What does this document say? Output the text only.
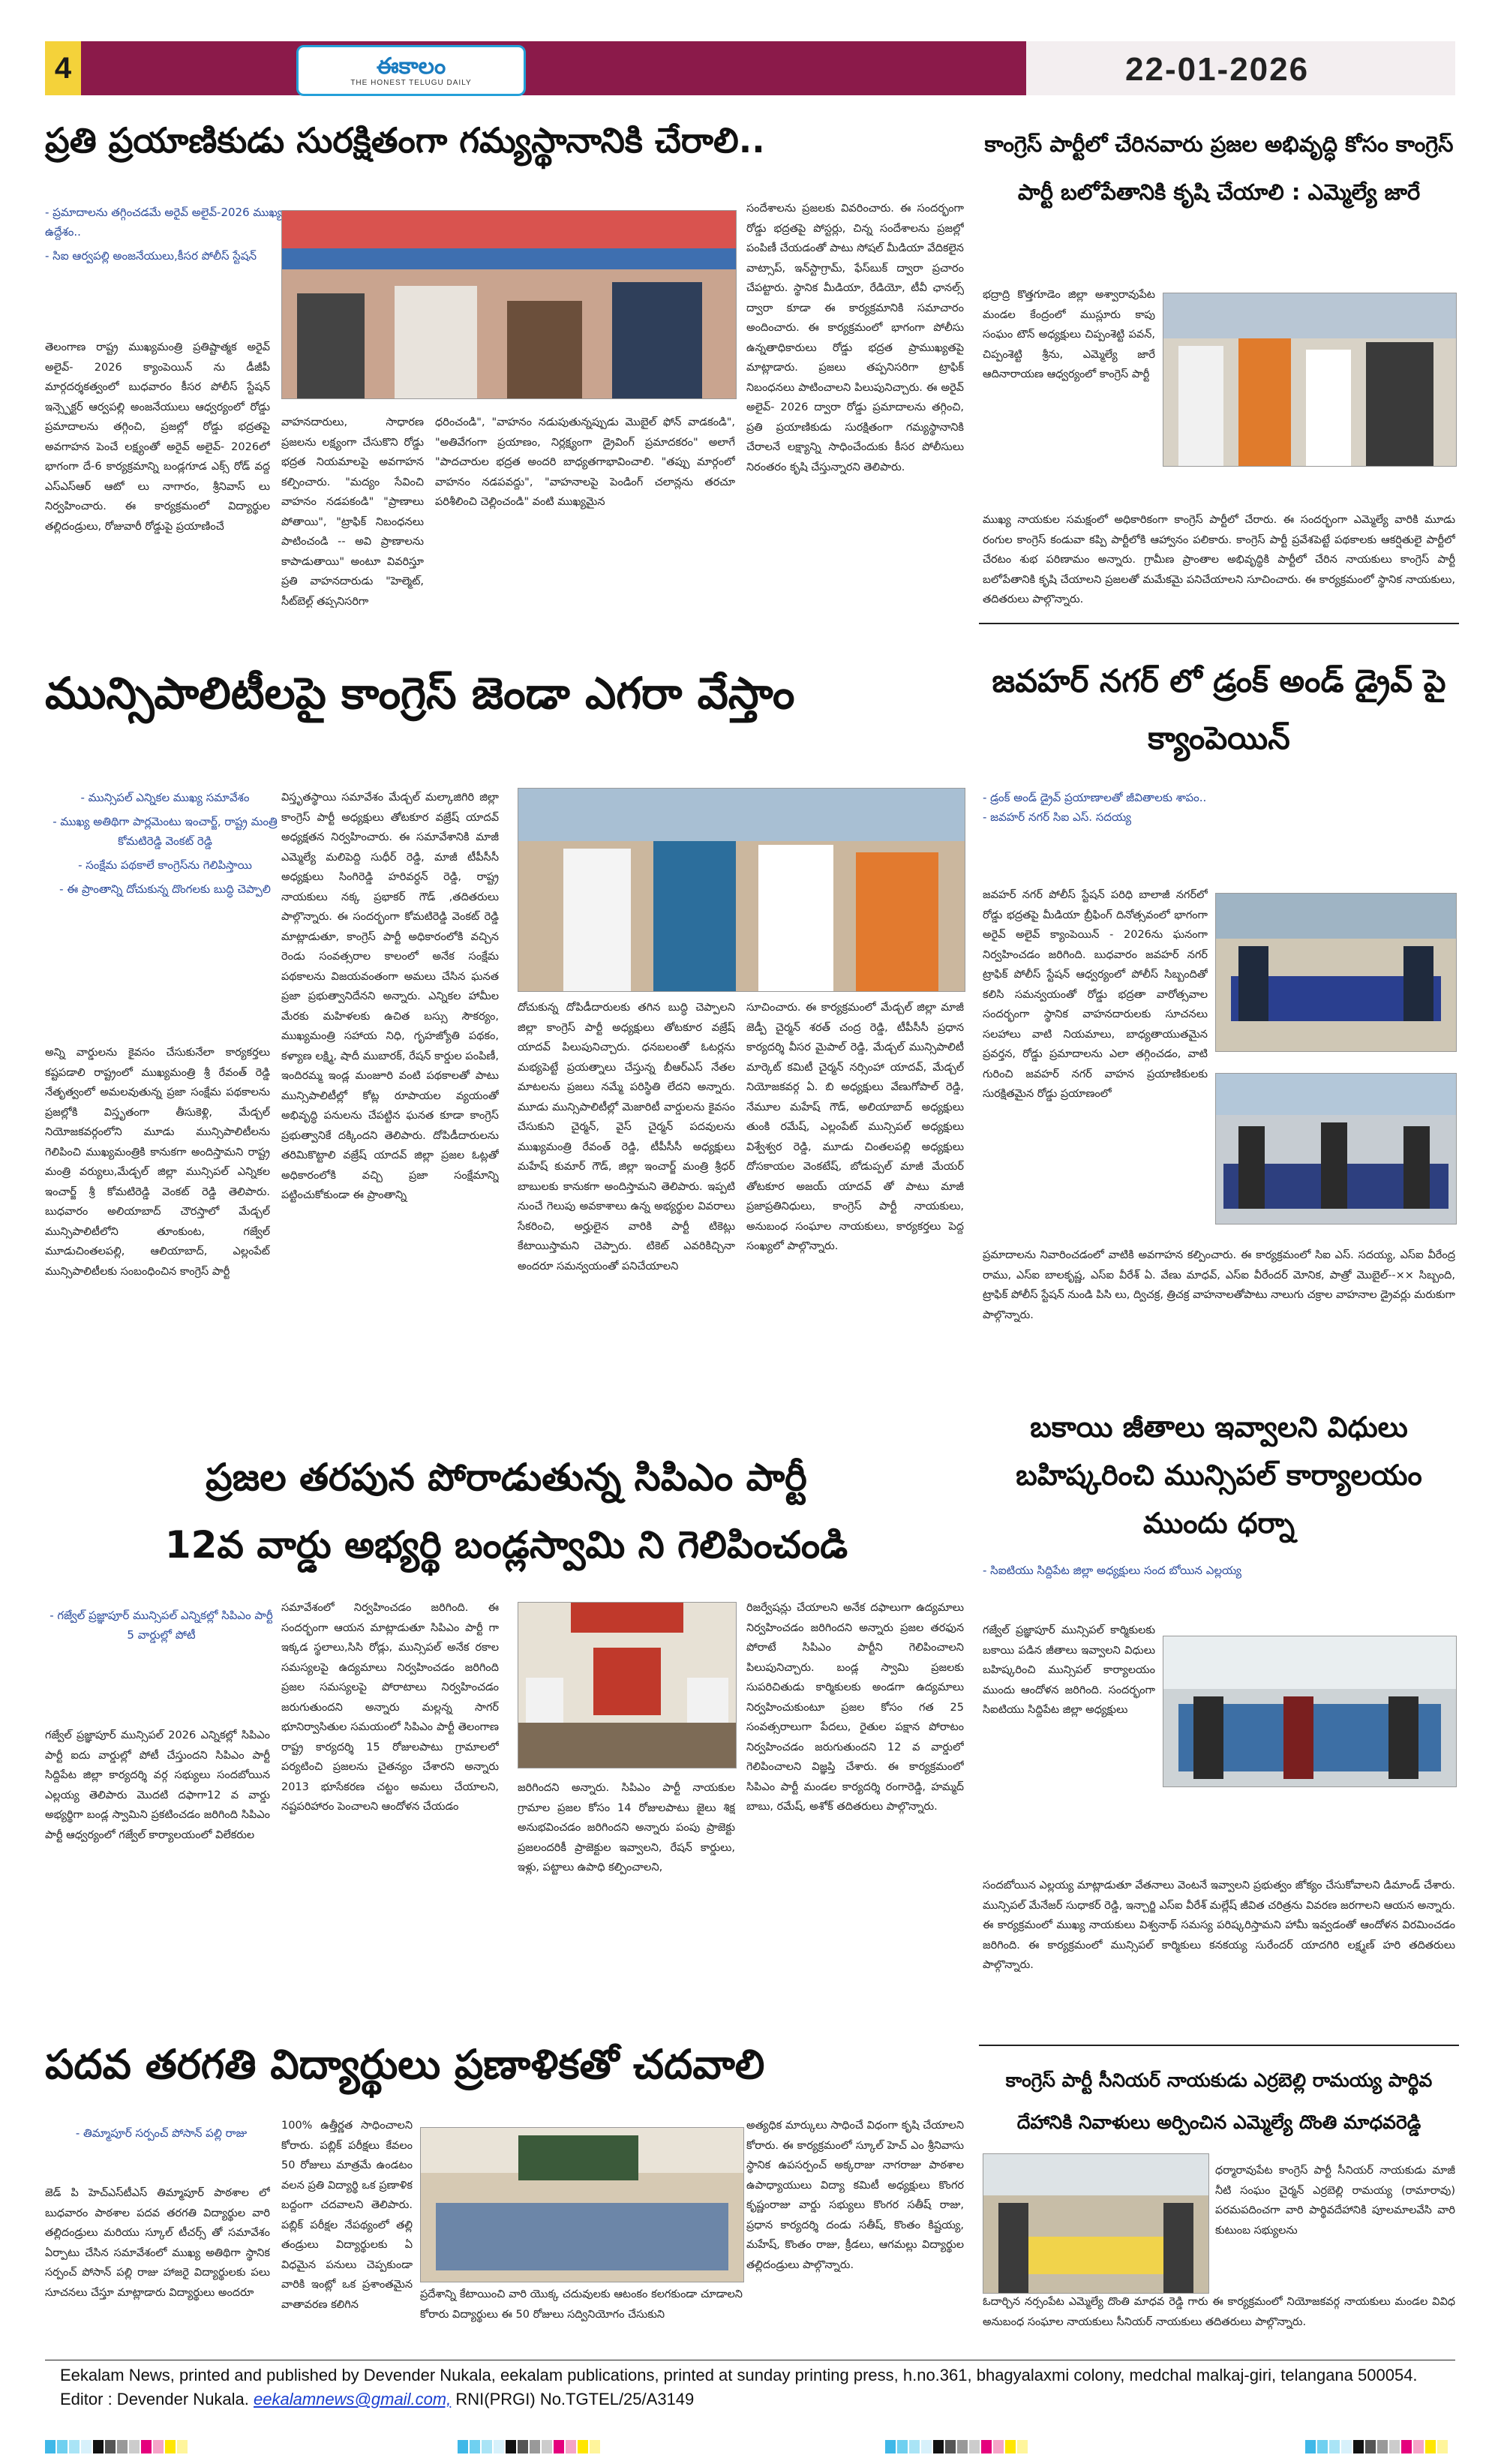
4	ఈకాలం
THE HONEST TELUGU DAILY	22-01-2026
ప్రతి ప్రయాణికుడు సురక్షితంగా గమ్యస్థానానికి చేరాలి..
- ప్రమాదాలను తగ్గించడమే అరైవ్ అలైవ్-2026 ముఖ్య ఉద్దేశం..
- సిఐ ఆర్వపల్లి అంజనేయులు,కీసర పోలీస్ స్టేషన్
తెలంగాణ రాష్ట్ర ముఖ్యమంత్రి ప్రతిష్టాత్మక అరైవ్ అలైవ్- 2026 క్యాంపెయిన్ ను డీజీపీ మార్గదర్శకత్వంలో బుధవారం కీసర పోలీస్ స్టేషన్ ఇన్స్పెక్టర్ ఆర్వపల్లి అంజనేయులు ఆధ్వర్యంలో రోడ్డు ప్రమాదాలను తగ్గించి, ప్రజల్లో రోడ్డు భద్రతపై అవగాహన పెంచే లక్ష్యంతో అరైవ్ అలైవ్- 2026లో భాగంగా దే-6 కార్యక్రమాన్ని బండ్లగూడ ఎక్స్ రోడ్ వద్ద ఎస్ఎస్ఆర్ ఆటో లు నాగారం, శ్రీనివాస్ లు నిర్వహించారు. ఈ కార్యక్రమంలో విద్యార్థుల తల్లిదండ్రులు, రోజువారీ రోడ్డుపై ప్రయాణించే
వాహనదారులు, సాధారణ ప్రజలను లక్ష్యంగా చేసుకొని రోడ్డు భద్రత నియమాలపై అవగాహన కల్పించారు. "మద్యం సేవించి వాహనం నడపకండి" "ప్రాణాలు పోతాయి", "ట్రాఫిక్ నిబంధనలు పాటించండి -- అవి ప్రాణాలను కాపాడుతాయి" అంటూ వివరిస్తూ ప్రతి వాహనదారుడు "హెల్మెట్, సీట్‌బెల్ట్ తప్పనిసరిగా
ధరించండి", "వాహనం నడుపుతున్నప్పుడు మొబైల్ ఫోన్ వాడకండి", "అతివేగంగా ప్రయాణం, నిర్లక్ష్యంగా డ్రైవింగ్ ప్రమాదకరం" అలాగే "పాదచారుల భద్రత అందరి బాధ్యతగాభావించాలి. "తప్పు మార్గంలో వాహనం నడపవద్దు", "వాహనాలపై పెండింగ్ చలాన్లను తరచూ పరిశీలించి చెల్లించండి" వంటి ముఖ్యమైన
సందేశాలను ప్రజలకు వివరించారు. ఈ సందర్భంగా రోడ్డు భద్రతపై పోస్టర్లు, చిన్న సందేశాలను ప్రజల్లో పంపిణీ చేయడంతో పాటు సోషల్ మీడియా వేదికలైన వాట్సాప్, ఇన్‌స్టాగ్రామ్, ఫేస్‌బుక్ ద్వారా ప్రచారం చేపట్టారు. స్థానిక మీడియా, రేడియో, టీవీ ఛానల్స్ ద్వారా కూడా ఈ కార్యక్రమానికి సమాచారం అందించారు. ఈ కార్యక్రమంలో భాగంగా పోలీసు ఉన్నతాధికారులు రోడ్డు భద్రత ప్రాముఖ్యతపై మాట్లాడారు. ప్రజలు తప్పనిసరిగా ట్రాఫిక్ నిబంధనలు పాటించాలని పిలుపునిచ్చారు. ఈ అరైవ్ అలైవ్- 2026 ద్వారా రోడ్డు ప్రమాదాలను తగ్గించి, ప్రతి ప్రయాణికుడు సురక్షితంగా గమ్యస్థానానికి చేరాలనే లక్ష్యాన్ని సాధించేందుకు కీసర పోలీసులు నిరంతరం కృషి చేస్తున్నారని తెలిపారు.
కాంగ్రెస్ పార్టీలో చేరినవారు ప్రజల అభివృద్ధి కోసం కాంగ్రెస్ పార్టీ బలోపేతానికి కృషి చేయాలి : ఎమ్మెల్యే జారే
భద్రాద్రి కొత్తగూడెం జిల్లా అశ్వారావుపేట మండల కేంద్రంలో ముస్లూరు కాపు సంఘం టౌన్ అధ్యక్షులు చిప్పంశెట్టి పవన్, చిప్పంశెట్టి శ్రీను, ఎమ్మెల్యే జారే ఆదినారాయణ ఆధ్వర్యంలో కాంగ్రెస్ పార్టీ
ముఖ్య నాయకుల సమక్షంలో అధికారికంగా కాంగ్రెస్ పార్టీలో చేరారు. ఈ సందర్భంగా ఎమ్మెల్యే వారికి మూడు రంగుల కాంగ్రెస్ కండువా కప్పి పార్టీలోకి ఆహ్వానం పలికారు. కాంగ్రెస్ పార్టీ ప్రవేశపెట్టే పథకాలకు ఆకర్షితులై పార్టీలో చేరటం శుభ పరిణామం అన్నారు. గ్రామీణ ప్రాంతాల అభివృద్ధికి పార్టీలో చేరిన నాయకులు కాంగ్రెస్ పార్టీ బలోపేతానికి కృషి చేయాలని ప్రజలతో మమేకమై పనిచేయాలని సూచించారు. ఈ కార్యక్రమంలో స్థానిక నాయకులు, తదితరులు పాల్గొన్నారు.
మున్సిపాలిటీలపై కాంగ్రెస్ జెండా ఎగరా వేస్తాం
- మున్సిపల్ ఎన్నికల ముఖ్య సమావేశం
- ముఖ్య అతిథిగా పార్లమెంటు ఇంచార్జ్, రాష్ట్ర మంత్రి కోమటిరెడ్డి వెంకట్ రెడ్డి
- సంక్షేమ పథకాలే కాంగ్రెస్‌ను గెలిపిస్తాయి
- ఈ ప్రాంతాన్ని దోచుకున్న దొంగలకు బుద్ధి చెప్పాలి
అన్ని వార్డులను కైవసం చేసుకునేలా కార్యకర్తలు కష్టపడాలి రాష్ట్రంలో ముఖ్యమంత్రి శ్రీ రేవంత్ రెడ్డి నేతృత్వంలో అమలవుతున్న ప్రజా సంక్షేమ పథకాలను ప్రజల్లోకి విస్తృతంగా తీసుకెళ్లి, మేడ్చల్ నియోజకవర్గంలోని మూడు మున్సిపాలిటీలను గెలిపించి ముఖ్యమంత్రికి కానుకగా అందిస్తామని రాష్ట్ర మంత్రి వర్యులు,మేడ్చల్ జిల్లా మున్సిపల్ ఎన్నికల ఇంచార్జ్ శ్రీ కోమటిరెడ్డి వెంకట్ రెడ్డి తెలిపారు. బుధవారం అలియాబాద్ చౌరస్తాలో మేడ్చల్ మున్సిపాలిటీలోని తూంకుంట, గజ్వేల్ మూడుచింతలపల్లి, ఆలియాబాద్, ఎల్లంపేట్ మున్సిపాలిటీలకు సంబంధించిన కాంగ్రెస్ పార్టీ
విస్తృతస్థాయి సమావేశం మేడ్చల్ మల్కాజిగిరి జిల్లా కాంగ్రెస్ పార్టీ అధ్యక్షులు తోటకూర వజ్రేష్ యాదవ్ అధ్యక్షతన నిర్వహించారు. ఈ సమావేశానికి మాజీ ఎమ్మెల్యే మలిపెద్ది సుధీర్ రెడ్డి, మాజీ టీపీసీసీ అధ్యక్షులు సింగిరెడ్డి హరివర్ధన్ రెడ్డి, రాష్ట్ర నాయకులు నక్క ప్రభాకర్ గౌడ్ ,తదితరులు పాల్గొన్నారు. ఈ సందర్భంగా కోమటిరెడ్డి వెంకట్ రెడ్డి మాట్లాడుతూ, కాంగ్రెస్ పార్టీ అధికారంలోకి వచ్చిన రెండు సంవత్సరాల కాలంలో అనేక సంక్షేమ పథకాలను విజయవంతంగా అమలు చేసిన ఘనత ప్రజా ప్రభుత్వానిదేనని అన్నారు. ఎన్నికల హామీల మేరకు మహిళలకు ఉచిత బస్సు సౌకర్యం, ముఖ్యమంత్రి సహాయ నిధి, గృహజ్యోతి పథకం, కళ్యాణ లక్ష్మి, షాదీ ముబారక్, రేషన్ కార్డుల పంపిణీ, ఇందిరమ్మ ఇండ్ల మంజూరి వంటి పథకాలతో పాటు మున్సిపాలిటీల్లో కోట్ల రూపాయల వ్యయంతో అభివృద్ధి పనులను చేపట్టిన ఘనత కూడా కాంగ్రెస్ ప్రభుత్వానికే దక్కిందని తెలిపారు. దోపిడీదారులను తరిమికొట్టాలి వజ్రేష్ యాదవ్ జిల్లా ప్రజల ఓట్లతో అధికారంలోకి వచ్చి ప్రజా సంక్షేమాన్ని పట్టించుకోకుండా ఈ ప్రాంతాన్ని
దోచుకున్న దోపిడీదారులకు తగిన బుద్ధి చెప్పాలని జిల్లా కాంగ్రెస్ పార్టీ అధ్యక్షులు తోటకూర వజ్రేష్ యాదవ్ పిలుపునిచ్చారు. ధనబలంతో ఓటర్లను మభ్యపెట్టే ప్రయత్నాలు చేస్తున్న బీఆర్ఎస్ నేతల మాటలను ప్రజలు నమ్మే పరిస్థితి లేదని అన్నారు. మూడు మున్సిపాలిటీల్లో మెజారిటీ వార్డులను కైవసం చేసుకుని చైర్మన్, వైస్ చైర్మన్ పదవులను ముఖ్యమంత్రి రేవంత్ రెడ్డి, టీపీసీసీ అధ్యక్షులు మహేష్ కుమార్ గౌడ్, జిల్లా ఇంచార్జ్ మంత్రి శ్రీధర్ బాబులకు కానుకగా అందిస్తామని తెలిపారు. ఇప్పటి నుంచే గెలుపు అవకాశాలు ఉన్న అభ్యర్థుల వివరాలు సేకరించి, అర్హులైన వారికి పార్టీ టికెట్లు కేటాయిస్తామని చెప్పారు. టికెట్ ఎవరికిచ్చినా అందరూ సమన్వయంతో పనిచేయాలని
సూచించారు. ఈ కార్యక్రమంలో మేడ్చల్ జిల్లా మాజీ జెడ్పీ చైర్మన్ శరత్ చంద్ర రెడ్డి, టీపీసీసీ ప్రధాన కార్యదర్శి వీసర మైపాల్ రెడ్డి, మేడ్చల్ మున్సిపాలిటీ మార్కెట్ కమిటీ చైర్మన్ నర్సింహా యాదవ్, మేడ్చల్ నియోజకవర్గ ఏ. బి అధ్యక్షులు వేణుగోపాల్ రెడ్డి, నేమూల మహేష్ గౌడ్, అలియాబాద్ అధ్యక్షులు తుంకి రమేష్, ఎల్లంపేట్ మున్సిపల్ అధ్యక్షులు విశ్వేశ్వర రెడ్డి, మూడు చింతలపల్లి అధ్యక్షులు దోసకాయల వెంకటేష్, బోడుప్పల్ మాజీ మేయర్ తోటకూర అజయ్ యాదవ్‌ తో పాటు మాజీ ప్రజాప్రతినిధులు, కాంగ్రెస్ పార్టీ నాయకులు, అనుబంధ సంఘాల నాయకులు, కార్యకర్తలు పెద్ద సంఖ్యలో పాల్గొన్నారు.
జవహర్ నగర్ లో డ్రంక్ అండ్ డ్రైవ్ పై క్యాంపెయిన్
- డ్రంక్ అండ్ డ్రైవ్ ప్రయాణాలతో జీవితాలకు శాపం..
- జవహర్ నగర్ సిఐ ఎస్. సదయ్య
జవహర్ నగర్ పోలీస్ స్టేషన్ పరిధి బాలాజీ నగర్‌లో రోడ్డు భద్రతపై మీడియా బ్రీఫింగ్ దినోత్సవంలో భాగంగా అరైవ్ అలైవ్ క్యాంపెయిన్ - 2026ను ఘనంగా నిర్వహించడం జరిగింది. బుధవారం జవహర్ నగర్ ట్రాఫిక్ పోలీస్ స్టేషన్ ఆధ్వర్యంలో పోలీస్ సిబ్బందితో కలిసి సమన్వయంతో రోడ్డు భద్రతా వారోత్సవాల సందర్భంగా స్థానిక వాహనదారులకు సూచనలు సలహాలు వాటి నియమాలు, బాధ్యతాయుతమైన ప్రవర్తన, రోడ్డు ప్రమాదాలను ఎలా తగ్గించడం, వాటి గురించి జవహర్ నగర్ వాహన ప్రయాణికులకు సురక్షితమైన రోడ్డు ప్రయాణంలో
ప్రమాదాలను నివారించడంలో వాటికి అవగాహన కల్పించారు. ఈ కార్యక్రమంలో సిఐ ఎస్. సదయ్య, ఎస్ఐ వీరేంద్ర రాము, ఎస్ఐ బాలకృష్ణ, ఎస్‌ఐ వీరేశ్ ఏ. వేణు మాధవ్, ఎస్ఐ వీరేందర్ మోనిక, పాత్రో మొబైల్--×× సిబ్బంది, ట్రాఫిక్ పోలీస్ స్టేషన్ నుండి పిసి లు, ద్విచక్ర, త్రిచక్ర వాహనాలతోపాటు నాలుగు చక్రాల వాహనాల డ్రైవర్లు మరుకుగా పాల్గొన్నారు.
బకాయి జీతాలు ఇవ్వాలని విధులు బహిష్కరించి మున్సిపల్ కార్యాలయం ముందు ధర్నా
- సిఐటియు సిద్దిపేట జిల్లా అధ్యక్షులు సంద బోయిన ఎల్లయ్య
గజ్వేల్ ప్రజ్ఞాపూర్ మున్సిపల్ కార్మికులకు బకాయి పడిన జీతాలు ఇవ్వాలని విధులు బహిష్కరించి మున్సిపల్ కార్యాలయం ముందు ఆందోళన జరిగింది. సందర్భంగా సిఐటియు సిద్దిపేట జిల్లా అధ్యక్షులు
సందబోయిన ఎల్లయ్య మాట్లాడుతూ వేతనాలు వెంటనే ఇవ్వాలని ప్రభుత్వం జోక్యం చేసుకోవాలని డిమాండ్ చేశారు. మున్సిపల్ మేనేజర్ సుధాకర్ రెడ్డి, ఇన్చార్జి ఎస్ఐ వీరేశ్ మల్లేష్ జీవిత చరిత్రను వివరణ జరగాలని ఆయన అన్నారు. ఈ కార్యక్రమంలో ముఖ్య నాయకులు విశ్వనాథ్ సమస్య పరిష్కరిస్తామని హామీ ఇవ్వడంతో ఆందోళన విరమించడం జరిగింది. ఈ కార్యక్రమంలో మున్సిపల్ కార్మికులు కనకయ్య సురేందర్ యాదగిరి లక్ష్మణ్ హరి తదితరులు పాల్గొన్నారు.
ప్రజల తరపున పోరాడుతున్న సిపిఎం పార్టీ
12వ వార్డు అభ్యర్థి బండ్లస్వామి ని గెలిపించండి
- గజ్వేల్ ప్రజ్ఞాపూర్ మున్సిపల్ ఎన్నికల్లో సిపిఎం పార్టీ 5 వార్డుల్లో పోటీ
గజ్వేల్ ప్రజ్ఞాపూర్ మున్సిపల్ 2026 ఎన్నికల్లో సిపిఎం పార్టీ ఐదు వార్డుల్లో పోటీ చేస్తుందని సిపిఎం పార్టీ సిద్దిపేట జిల్లా కార్యదర్శి వర్గ సభ్యులు సందబోయిన ఎల్లయ్య తెలిపారు మొదటి దఫాగా12 వ వార్డు అభ్యర్థిగా బండ్ల స్వామిని ప్రకటించడం జరిగింది సిపిఎం పార్టీ ఆధ్వర్యంలో గజ్వేల్ కార్యాలయంలో విలేకరుల
సమావేశంలో నిర్వహించడం జరిగింది. ఈ సందర్భంగా ఆయన మాట్లాడుతూ సిపిఎం పార్టీ గా ఇక్కడ స్థలాలు,సిసి రోడ్లు, మున్సిపల్ అనేక రకాల సమస్యలపై ఉద్యమాలు నిర్వహించడం జరిగింది ప్రజల సమస్యలపై పోరాటాలు నిర్వహించడం జరుగుతుందని అన్నారు మల్లన్న సాగర్ భూనిర్వాసితుల సమయంలో సిపిఎం పార్టీ తెలంగాణ రాష్ట్ర కార్యదర్శి 15 రోజులపాటు గ్రామాలలో పర్యటించి ప్రజలను చైతన్యం చేశారని అన్నారు 2013 భూసేకరణ చట్టం అమలు చేయాలని, నష్టపరిహారం పెంచాలని ఆందోళన చేయడం
జరిగిందని అన్నారు. సిపిఎం పార్టీ నాయకుల గ్రామాల ప్రజల కోసం 14 రోజులపాటు జైలు శిక్ష అనుభవించడం జరిగిందని అన్నారు పంపు ప్రాజెక్టు ప్రజలందరికీ ప్రాజెక్టుల ఇవ్వాలని, రేషన్ కార్డులు, ఇళ్లు, పట్టాలు ఉపాధి కల్పించాలని,
రిజర్వేషన్లు చేయాలని అనేక దఫాలుగా ఉద్యమాలు నిర్వహించడం జరిగిందని అన్నారు ప్రజల తరఫున పోరాటే సిపిఎం పార్టీని గెలిపించాలని పిలుపునిచ్చారు. బండ్ల స్వామి ప్రజలకు సుపరిచితుడు కార్మికులకు అండగా ఉద్యమాలు నిర్వహించుకుంటూ ప్రజల కోసం గత 25 సంవత్సరాలుగా పేదలు, రైతుల పక్షాన పోరాటం నిర్వహించడం జరుగుతుందని 12 వ వార్డులో గెలిపించాలని విజ్ఞప్తి చేశారు. ఈ కార్యక్రమంలో సిపిఎం పార్టీ మండల కార్యదర్శి రంగారెడ్డి, హమ్మద్ బాబు, రమేష్, అశోక్ తదితరులు పాల్గొన్నారు.
పదవ తరగతి విద్యార్థులు ప్రణాళికతో చదవాలి
- తిమ్మాపూర్ సర్పంచ్ పోసాన్ పల్లి రాజు
జెడ్ పి హెచ్ఎస్‌టీఎస్ తిమ్మాపూర్ పాఠశాల లో బుధవారం పాఠశాల పదవ తరగతి విద్యార్థుల వారి తల్లిదండ్రులు మరియు స్కూల్ టీచర్స్ తో సమావేశం ఏర్పాటు చేసిన సమావేశంలో ముఖ్య అతిథిగా స్థానిక సర్పంచ్ పోసాన్ పల్లి రాజు హాజరై విద్యార్థులకు పలు సూచనలు చేస్తూ మాట్లాడారు విద్యార్థులు అందరూ
100% ఉత్తీర్ణత సాధించాలని కోరారు. పబ్లిక్ పరీక్షలు కేవలం 50 రోజులు మాత్రమే ఉండటం వలన ప్రతి విద్యార్థి ఒక ప్రణాళిక బద్దంగా చదవాలని తెలిపారు. పబ్లిక్ పరీక్షల నేపథ్యంలో తల్లి తండ్రులు విద్యార్థులకు ఏ విధమైన పనులు చెప్పకుండా వారికి ఇంట్లో ఒక ప్రశాంతమైన వాతావరణ కలిగిన
ప్రదేశాన్ని కేటాయించి వారి యొక్క చదువులకు ఆటంకం కలగకుండా చూడాలని కోరారు విద్యార్థులు ఈ 50 రోజులు సద్వినియోగం చేసుకుని
అత్యధిక మార్కులు సాధించే విధంగా కృషి చేయాలని కోరారు. ఈ కార్యక్రమంలో స్కూల్ హెచ్ ఎం శ్రీనివాసు స్థానిక ఉపసర్పంచ్ అక్కరాజు నాగరాజు పాఠశాల ఉపాధ్యాయులు విద్యా కమిటీ అధ్యక్షులు కొంగర కృష్ణంరాజు వార్డు సభ్యులు కొంగర సతీష్ రాజు, ప్రధాన కార్యదర్శి దండు సతీష్, కొంతం కిష్టయ్య, మహేష్, కొంతం రాజు, క్రీడలు, ఆగమల్లు విద్యార్థుల తల్లిదండ్రులు పాల్గొన్నారు.
కాంగ్రెస్ పార్టీ సీనియర్ నాయకుడు ఎర్రబెల్లి రామయ్య పార్థివ దేహానికి నివాళులు అర్పించిన ఎమ్మెల్యే దొంతి మాధవరెడ్డి
ధర్మారావుపేట కాంగ్రెస్ పార్టీ సీనియర్ నాయకుడు మాజీ నీటి సంఘం చైర్మన్ ఎర్రబెల్లి రామయ్య (రామారావు) పరమపదించగా వారి పార్థివదేహానికి పూలమాలవేసి వారి కుటుంబ సభ్యులను
ఓదార్చిన నర్సంపేట ఎమ్మెల్యే దొంతి మాధవ రెడ్డి గారు ఈ కార్యక్రమంలో నియోజకవర్గ నాయకులు మండల వివిధ అనుబంధ సంఘాల నాయకులు సీనియర్ నాయకులు తదితరులు పాల్గొన్నారు.
Eekalam News, printed and published by Devender Nukala, eekalam publications, printed at sunday printing press, h.no.361, bhagyalaxmi colony, medchal malkaj-giri, telangana 500054. Editor : Devender Nukala. eekalamnews@gmail.com, RNI(PRGI) No.TGTEL/25/A3149
